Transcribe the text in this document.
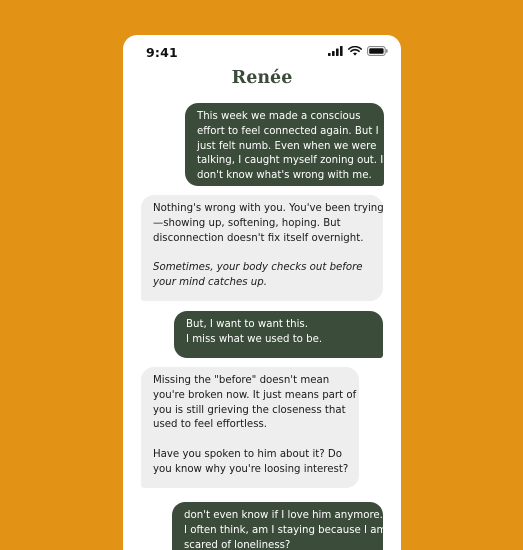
9:41
Renée
This week we made a conscious
effort to feel connected again. But I
just felt numb. Even when we were
talking, I caught myself zoning out. I
don't know what's wrong with me.
Nothing's wrong with you. You've been trying
—showing up, softening, hoping. But
disconnection doesn't fix itself overnight.
Sometimes, your body checks out before
your mind catches up.
But, I want to want this.
I miss what we used to be.
Missing the "before" doesn't mean
you're broken now. It just means part of
you is still grieving the closeness that
used to feel effortless.
Have you spoken to him about it? Do
you know why you're loosing interest?
don't even know if I love him anymore.
I often think, am I staying because I am
scared of loneliness?
